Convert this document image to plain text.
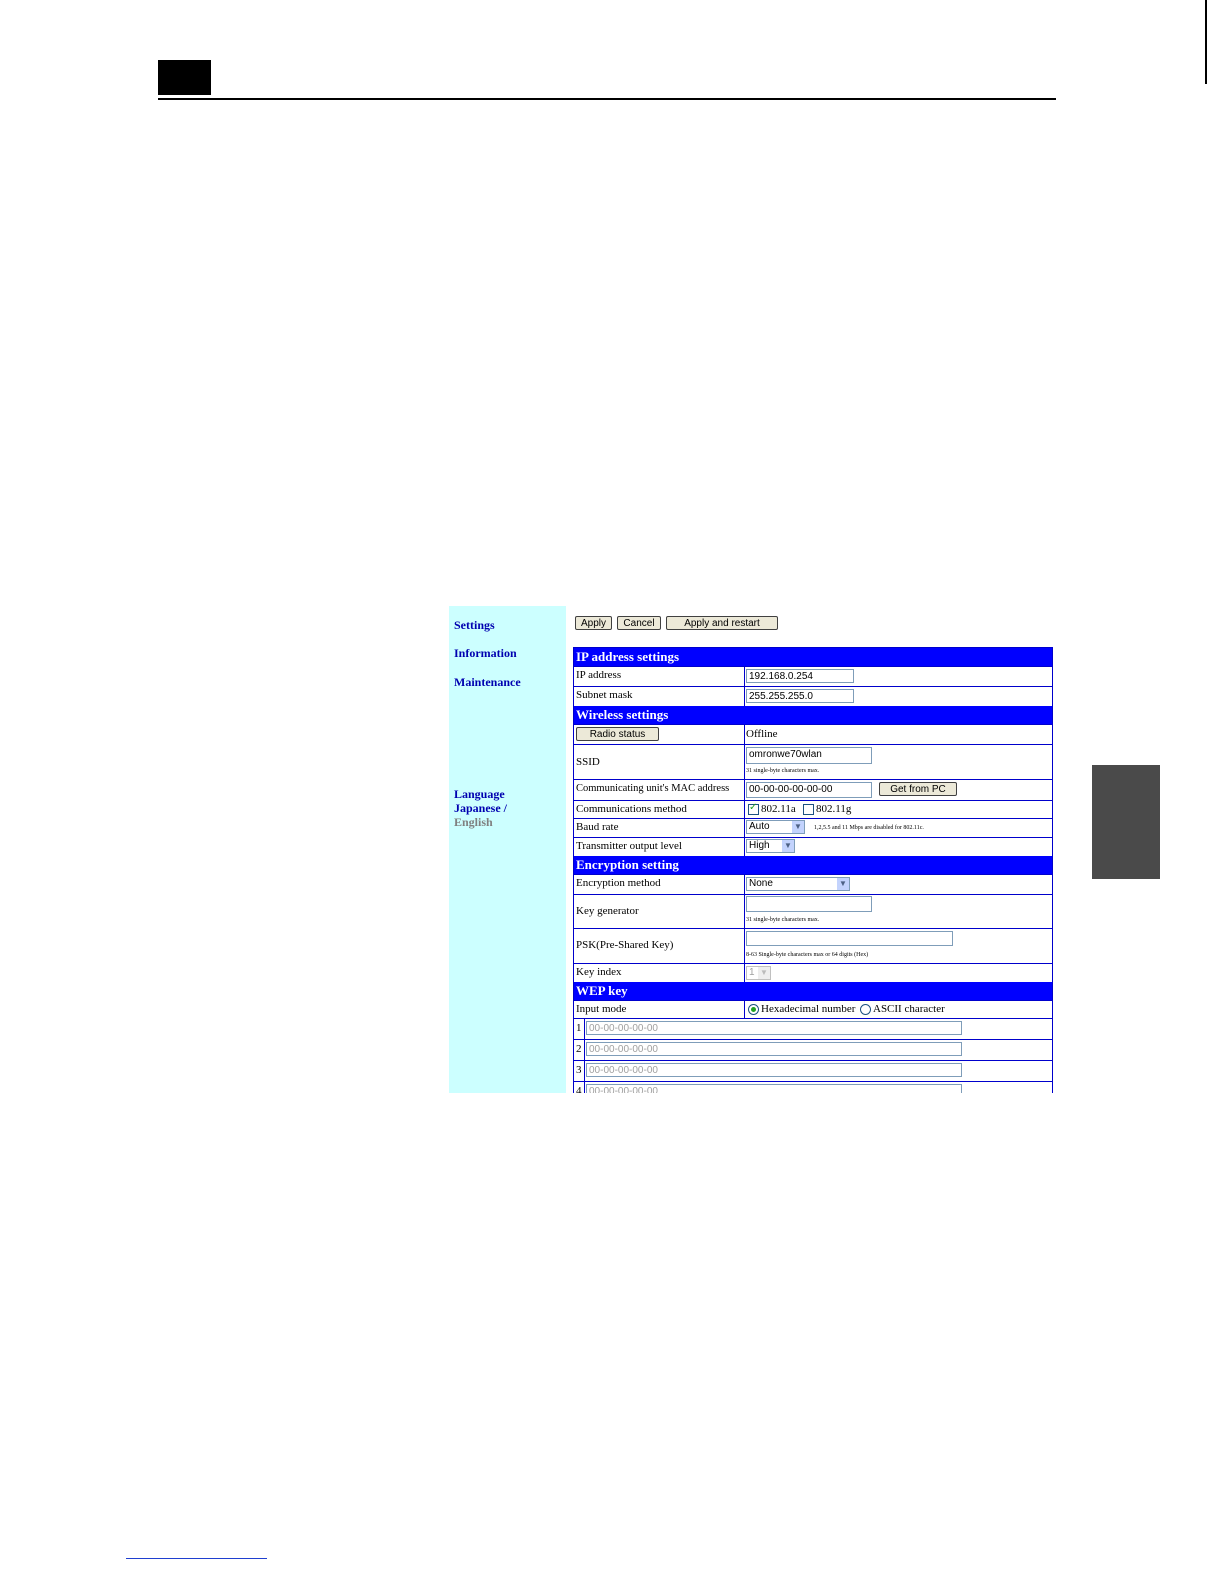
Settings
Information
Maintenance
Language
Japanese /
English
Apply	Cancel	Apply and restart
IP address settings
IP address	192.168.0.254
Subnet mask	255.255.255.0
Wireless settings
Radio status	Offline
SSID
omronwe70wlan
31 single-byte characters max.
Communicating unit's MAC address	00-00-00-00-00-00	Get from PC
Communications method
✓	802.11a	802.11g
Baud rate	Auto	▼	1,2,5.5 and 11 Mbps are disabled for 802.11c.
Transmitter output level	High ▼
Encryption setting
Encryption method	None	▼
Key generator
31 single-byte characters max.
PSK(Pre-Shared Key)
8-63 Single-byte characters max or 64 digits (Hex)
Key index	1 ▼
WEP key
Input mode	Hexadecimal number	ASCII character
1 00-00-00-00-00
2 00-00-00-00-00
3 00-00-00-00-00
4 00-00-00-00-00
